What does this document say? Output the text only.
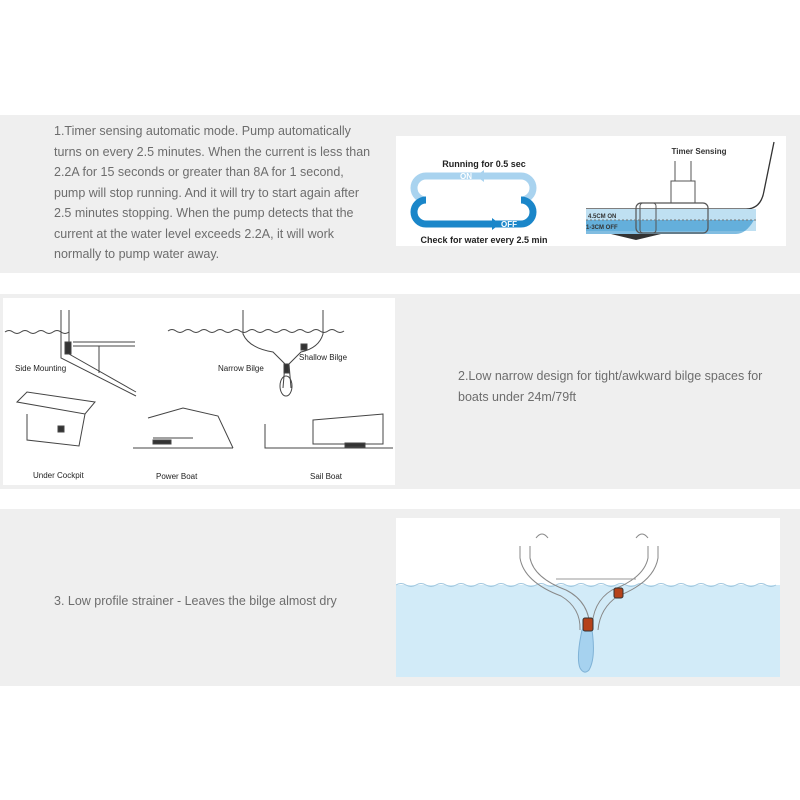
1.Timer sensing automatic mode. Pump automatically
turns on every 2.5 minutes. When the current is less than
2.2A for 15 seconds or greater than 8A for 1 second,
pump will stop running. And it will try to start again after
2.5 minutes stopping. When the pump detects that the
current at the water level exceeds 2.2A, it will work
normally to pump water away.
Running for 0.5 sec
ON
OFF
Check for water every 2.5 min
Timer Sensing
4.5CM ON
1-3CM OFF
Side Mounting	Narrow Bilge
Shallow Bilge
Under Cockpit	Power Boat	Sail Boat
2.Low narrow design for tight/awkward bilge spaces for
boats under 24m/79ft
3. Low profile strainer - Leaves the bilge almost dry
